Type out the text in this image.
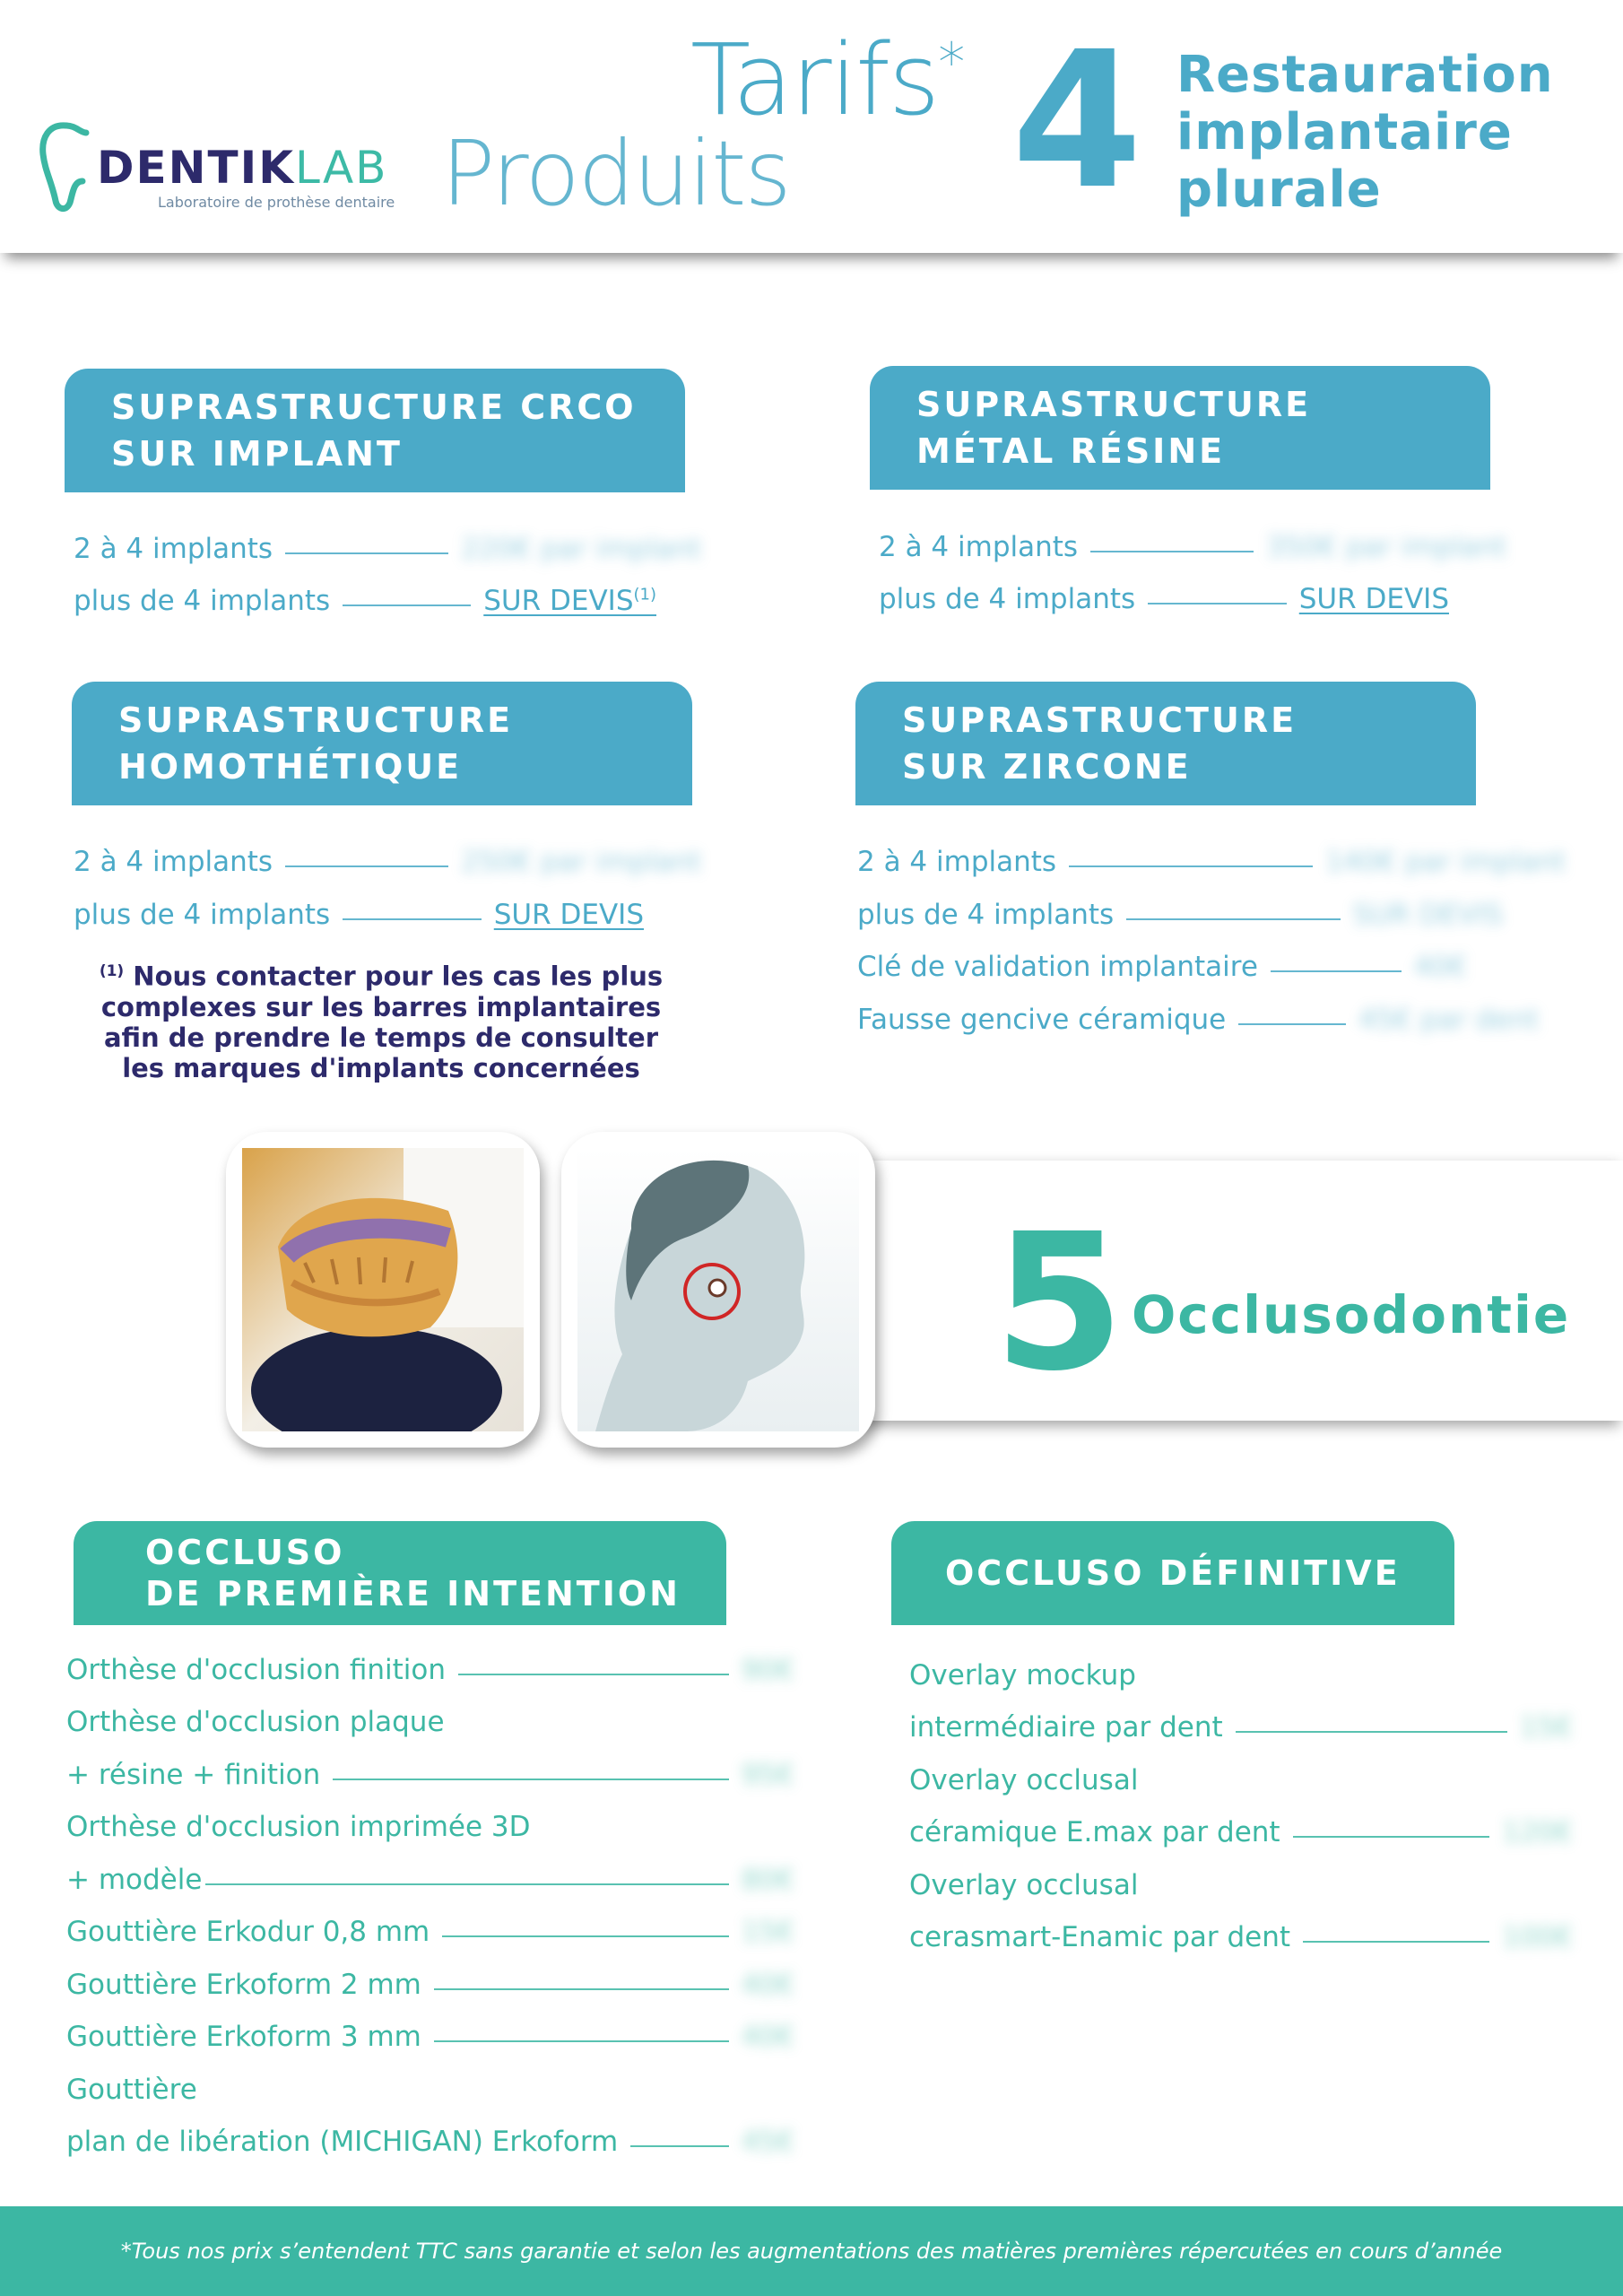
DENTIKLAB
Laboratoire de prothèse dentaire
Tarifs*
Produits 4 Restauration
implantaire
plurale
SUPRASTRUCTURE CRCO
SUR IMPLANT
2 à 4 implants	220€ par implant
plus de 4 implants	SUR DEVIS$^{(1)}$
SUPRASTRUCTURE
MÉTAL RÉSINE
2 à 4 implants	350€ par implant
plus de 4 implants	SUR DEVIS
SUPRASTRUCTURE
HOMOTHÉTIQUE
2 à 4 implants	250€ par implant
plus de 4 implants	SUR DEVIS
SUPRASTRUCTURE
SUR ZIRCONE
2 à 4 implants	140€ par implant
plus de 4 implants	SUR DEVIS
Clé de validation implantaire	40€
Fausse gencive céramique	45€ par dent
$^{(1)}$ Nous contacter pour les cas les plus complexes sur les barres implantaires afin de prendre le temps de consulter les marques d'implants concernées
5 Occlusodontie
OCCLUSO
DE PREMIÈRE INTENTION
Orthèse d'occlusion finition	90€
Orthèse d'occlusion plaque
+ résine + finition	95€
Orthèse d'occlusion imprimée 3D
+ modèle	80€
Gouttière Erkodur 0,8 mm	15€
Gouttière Erkoform 2 mm	40€
Gouttière Erkoform 3 mm	40€
Gouttière
plan de libération (MICHIGAN) Erkoform	45€
OCCLUSO DÉFINITIVE
Overlay mockup
intermédiaire par dent	15€
Overlay occlusal
céramique E.max par dent	120€
Overlay occlusal
cerasmart-Enamic par dent	100€
*Tous nos prix s’entendent TTC sans garantie et selon les augmentations des matières premières répercutées en cours d’année
